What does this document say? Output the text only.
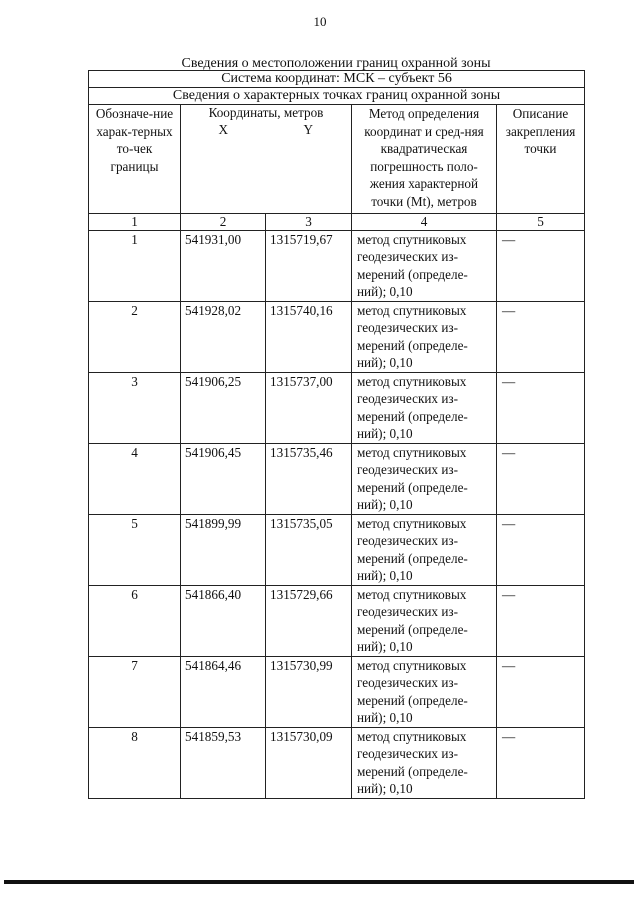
10
Сведения о местоположении границ охранной зоны
Система координат: МСК – субъект 56				
Сведения о характерных точках границ охранной зоны				
Обозначе-ние харак-терных то-чек границы	Координаты, метров		Метод определения координат и сред-няя квадратическая погрешность поло-жения характерной точки (Mt), метров	Описание закрепления точки
	X	Y		
1	2	3	4	5
1	541931,00	1315719,67	метод спутниковых геодезических из-мерений (определе-ний); 0,10	—
2	541928,02	1315740,16	метод спутниковых геодезических из-мерений (определе-ний); 0,10	—
3	541906,25	1315737,00	метод спутниковых геодезических из-мерений (определе-ний); 0,10	—
4	541906,45	1315735,46	метод спутниковых геодезических из-мерений (определе-ний); 0,10	—
5	541899,99	1315735,05	метод спутниковых геодезических из-мерений (определе-ний); 0,10	—
6	541866,40	1315729,66	метод спутниковых геодезических из-мерений (определе-ний); 0,10	—
7	541864,46	1315730,99	метод спутниковых геодезических из-мерений (определе-ний); 0,10	—
8	541859,53	1315730,09	метод спутниковых геодезических из-мерений (определе-ний); 0,10	—
